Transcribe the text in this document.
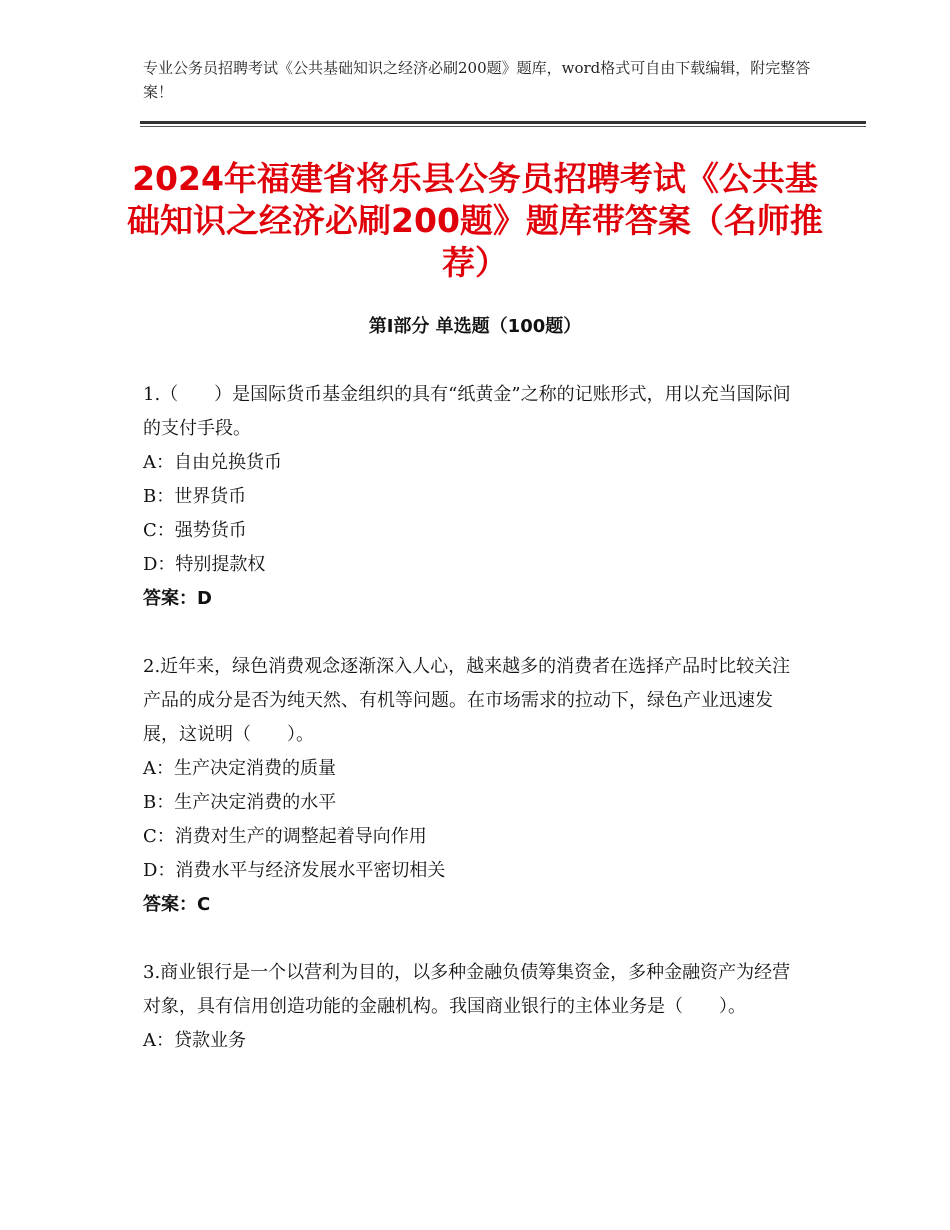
专业公务员招聘考试《公共基础知识之经济必刷200题》题库，word格式可自由下载编辑，附完整答案！
2024年福建省将乐县公务员招聘考试《公共基础知识之经济必刷200题》题库带答案（名师推荐）
第Ⅰ部分 单选题（100题）

1.（　　）是国际货币基金组织的具有“纸黄金”之称的记账形式，用以充当国际间的支付手段。

A：自由兑换货币

B：世界货币

C：强势货币

D：特别提款权

答案：D

2.近年来，绿色消费观念逐渐深入人心，越来越多的消费者在选择产品时比较关注产品的成分是否为纯天然、有机等问题。在市场需求的拉动下，绿色产业迅速发展，这说明（　　）。

A：生产决定消费的质量

B：生产决定消费的水平

C：消费对生产的调整起着导向作用

D：消费水平与经济发展水平密切相关

答案：C

3.商业银行是一个以营利为目的，以多种金融负债筹集资金，多种金融资产为经营对象，具有信用创造功能的金融机构。我国商业银行的主体业务是（　　）。

A：贷款业务
